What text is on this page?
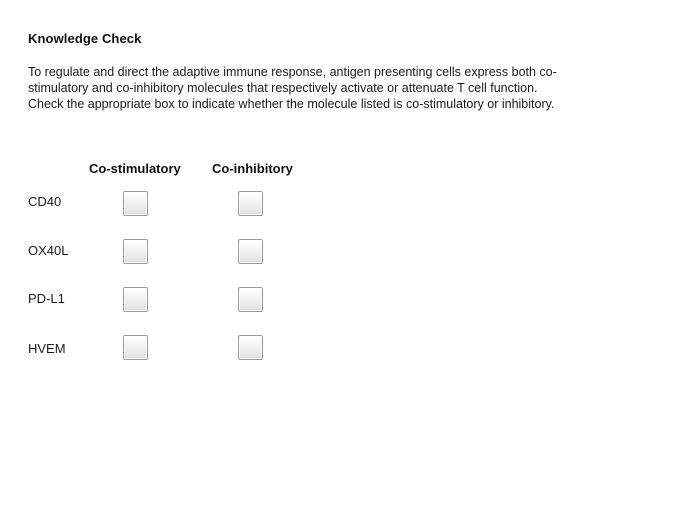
Knowledge Check
To regulate and direct the adaptive immune response, antigen presenting cells express both co-stimulatory and co-inhibitory molecules that respectively activate or attenuate T cell function. Check the appropriate box to indicate whether the molecule listed is co-stimulatory or inhibitory.
Co-stimulatory Co-inhibitory
CD40
OX40L
PD-L1
HVEM
